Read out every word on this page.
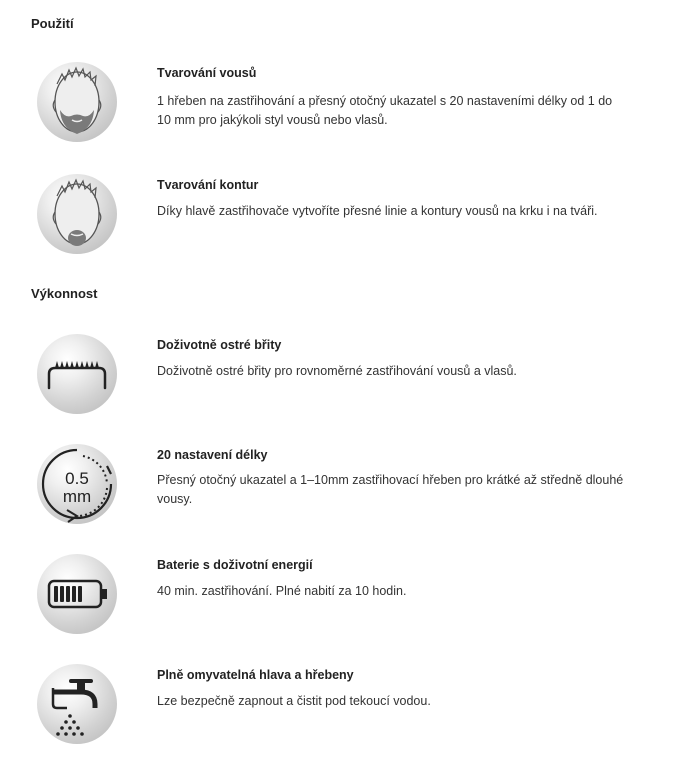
Použití
Tvarování vousů
1 hřeben na zastřihování a přesný otočný ukazatel s 20 nastaveními délky od 1 do 10 mm pro jakýkoli styl vousů nebo vlasů.
Tvarování kontur
Díky hlavě zastřihovače vytvoříte přesné linie a kontury vousů na krku i na tváři.
Výkonnost
Doživotně ostré břity
Doživotně ostré břity pro rovnoměrné zastřihování vousů a vlasů.
0.5
mm
20 nastavení délky
Přesný otočný ukazatel a 1–10mm zastřihovací hřeben pro krátké až středně dlouhé vousy.
Baterie s doživotní energií
40 min. zastřihování. Plné nabití za 10 hodin.
Plně omyvatelná hlava a hřebeny
Lze bezpečně zapnout a čistit pod tekoucí vodou.
